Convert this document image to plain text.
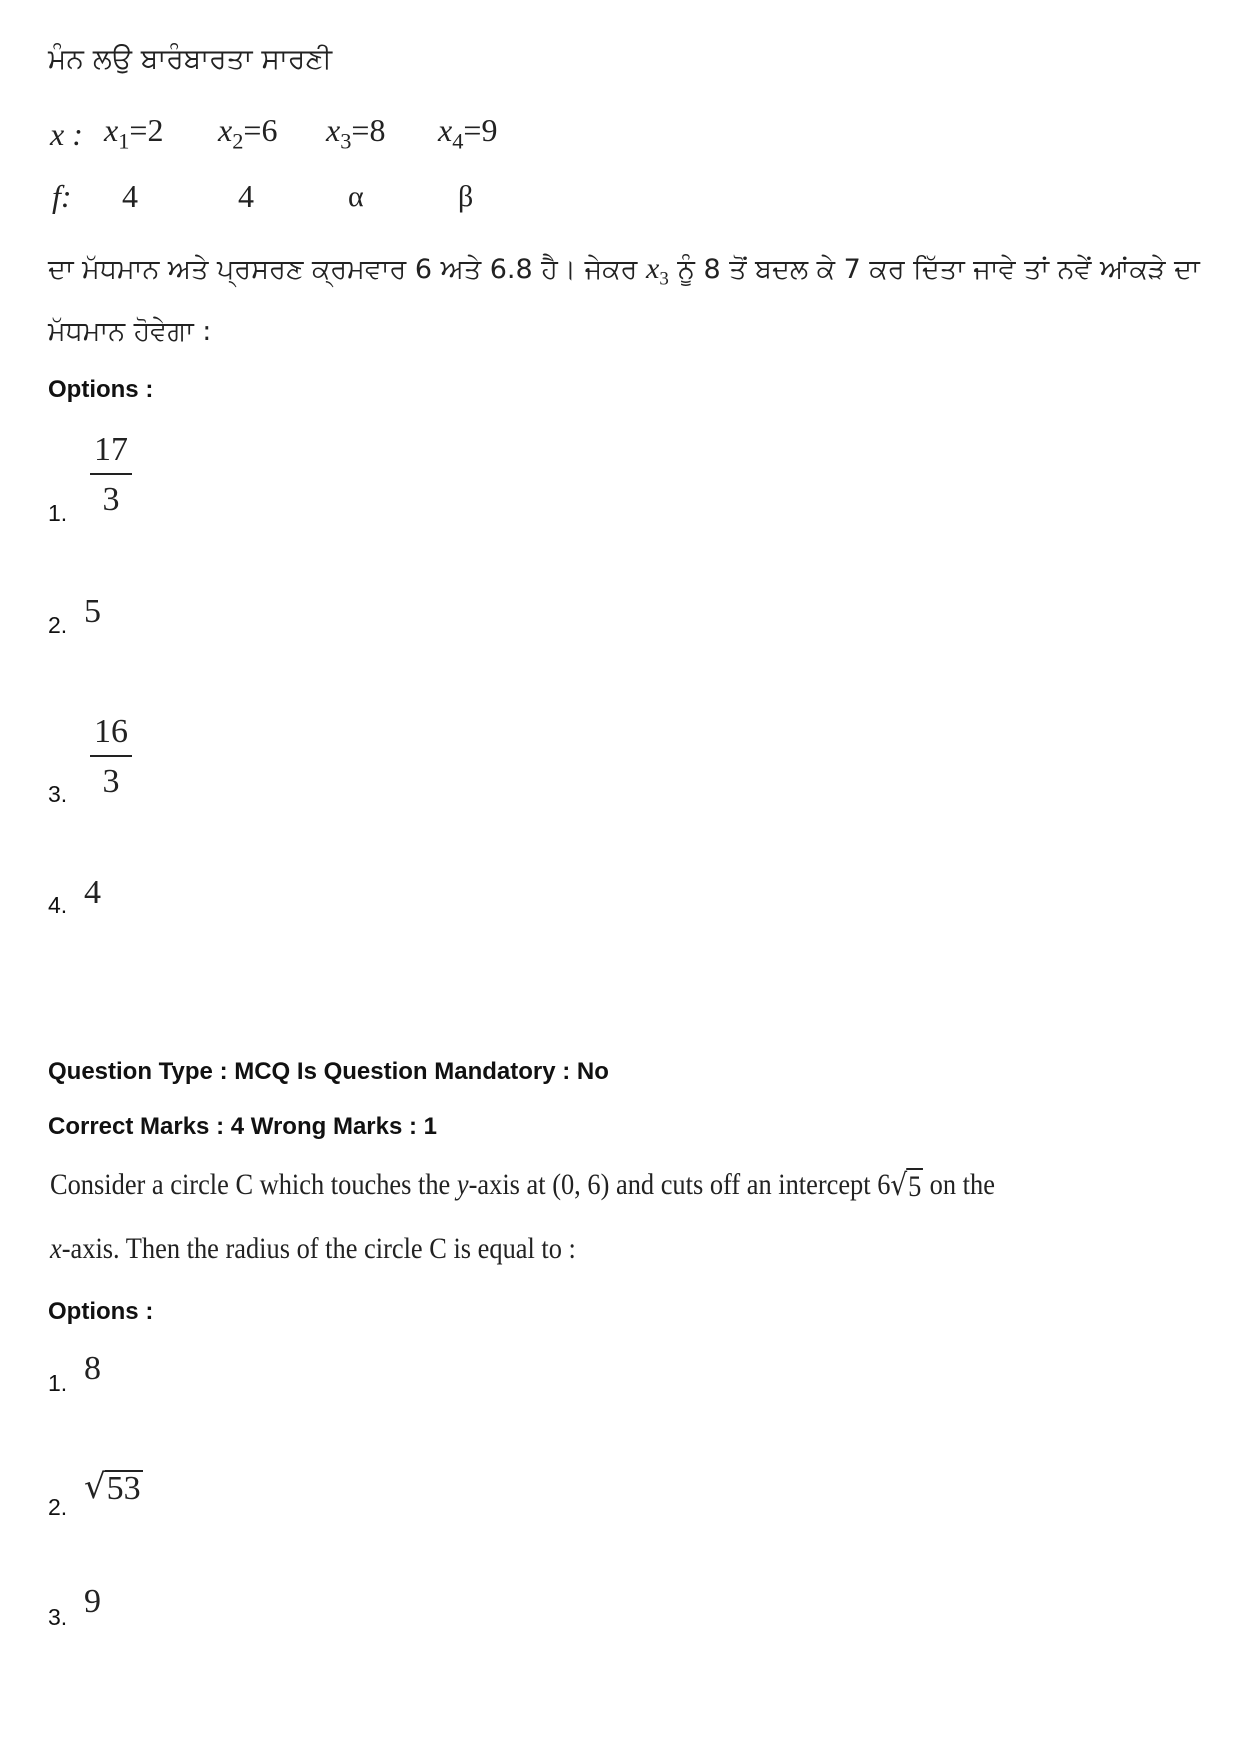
ਮੰਨ ਲਉ ਬਾਰੰਬਾਰਤਾ ਸਾਰਣੀ
x : $x_1=2$ $x_2=6$ $x_3=8$ $x_4=9$
f: 4	4	α	β
ਦਾ ਮੱਧਮਾਨ ਅਤੇ ਪ੍ਰਸਰਣ ਕ੍ਰਮਵਾਰ 6 ਅਤੇ 6.8 ਹੈ। ਜੇਕਰ $x_3$ ਨੂੰ 8 ਤੋਂ ਬਦਲ ਕੇ 7 ਕਰ ਦਿੱਤਾ ਜਾਵੇ ਤਾਂ ਨਵੇਂ ਆਂਕੜੇ ਦਾ
ਮੱਧਮਾਨ ਹੋਵੇਗਾ :
Options :
1.
17
3
2. 5
3.
16
3
4. 4
Question Type : MCQ Is Question Mandatory : No
Correct Marks : 4 Wrong Marks : 1
Consider a circle C which touches the y-axis at (0, 6) and cuts off an intercept 6 √ 5 on the
x-axis. Then the radius of the circle C is equal to :
Options :
1. 8
2. √ 53
3. 9
